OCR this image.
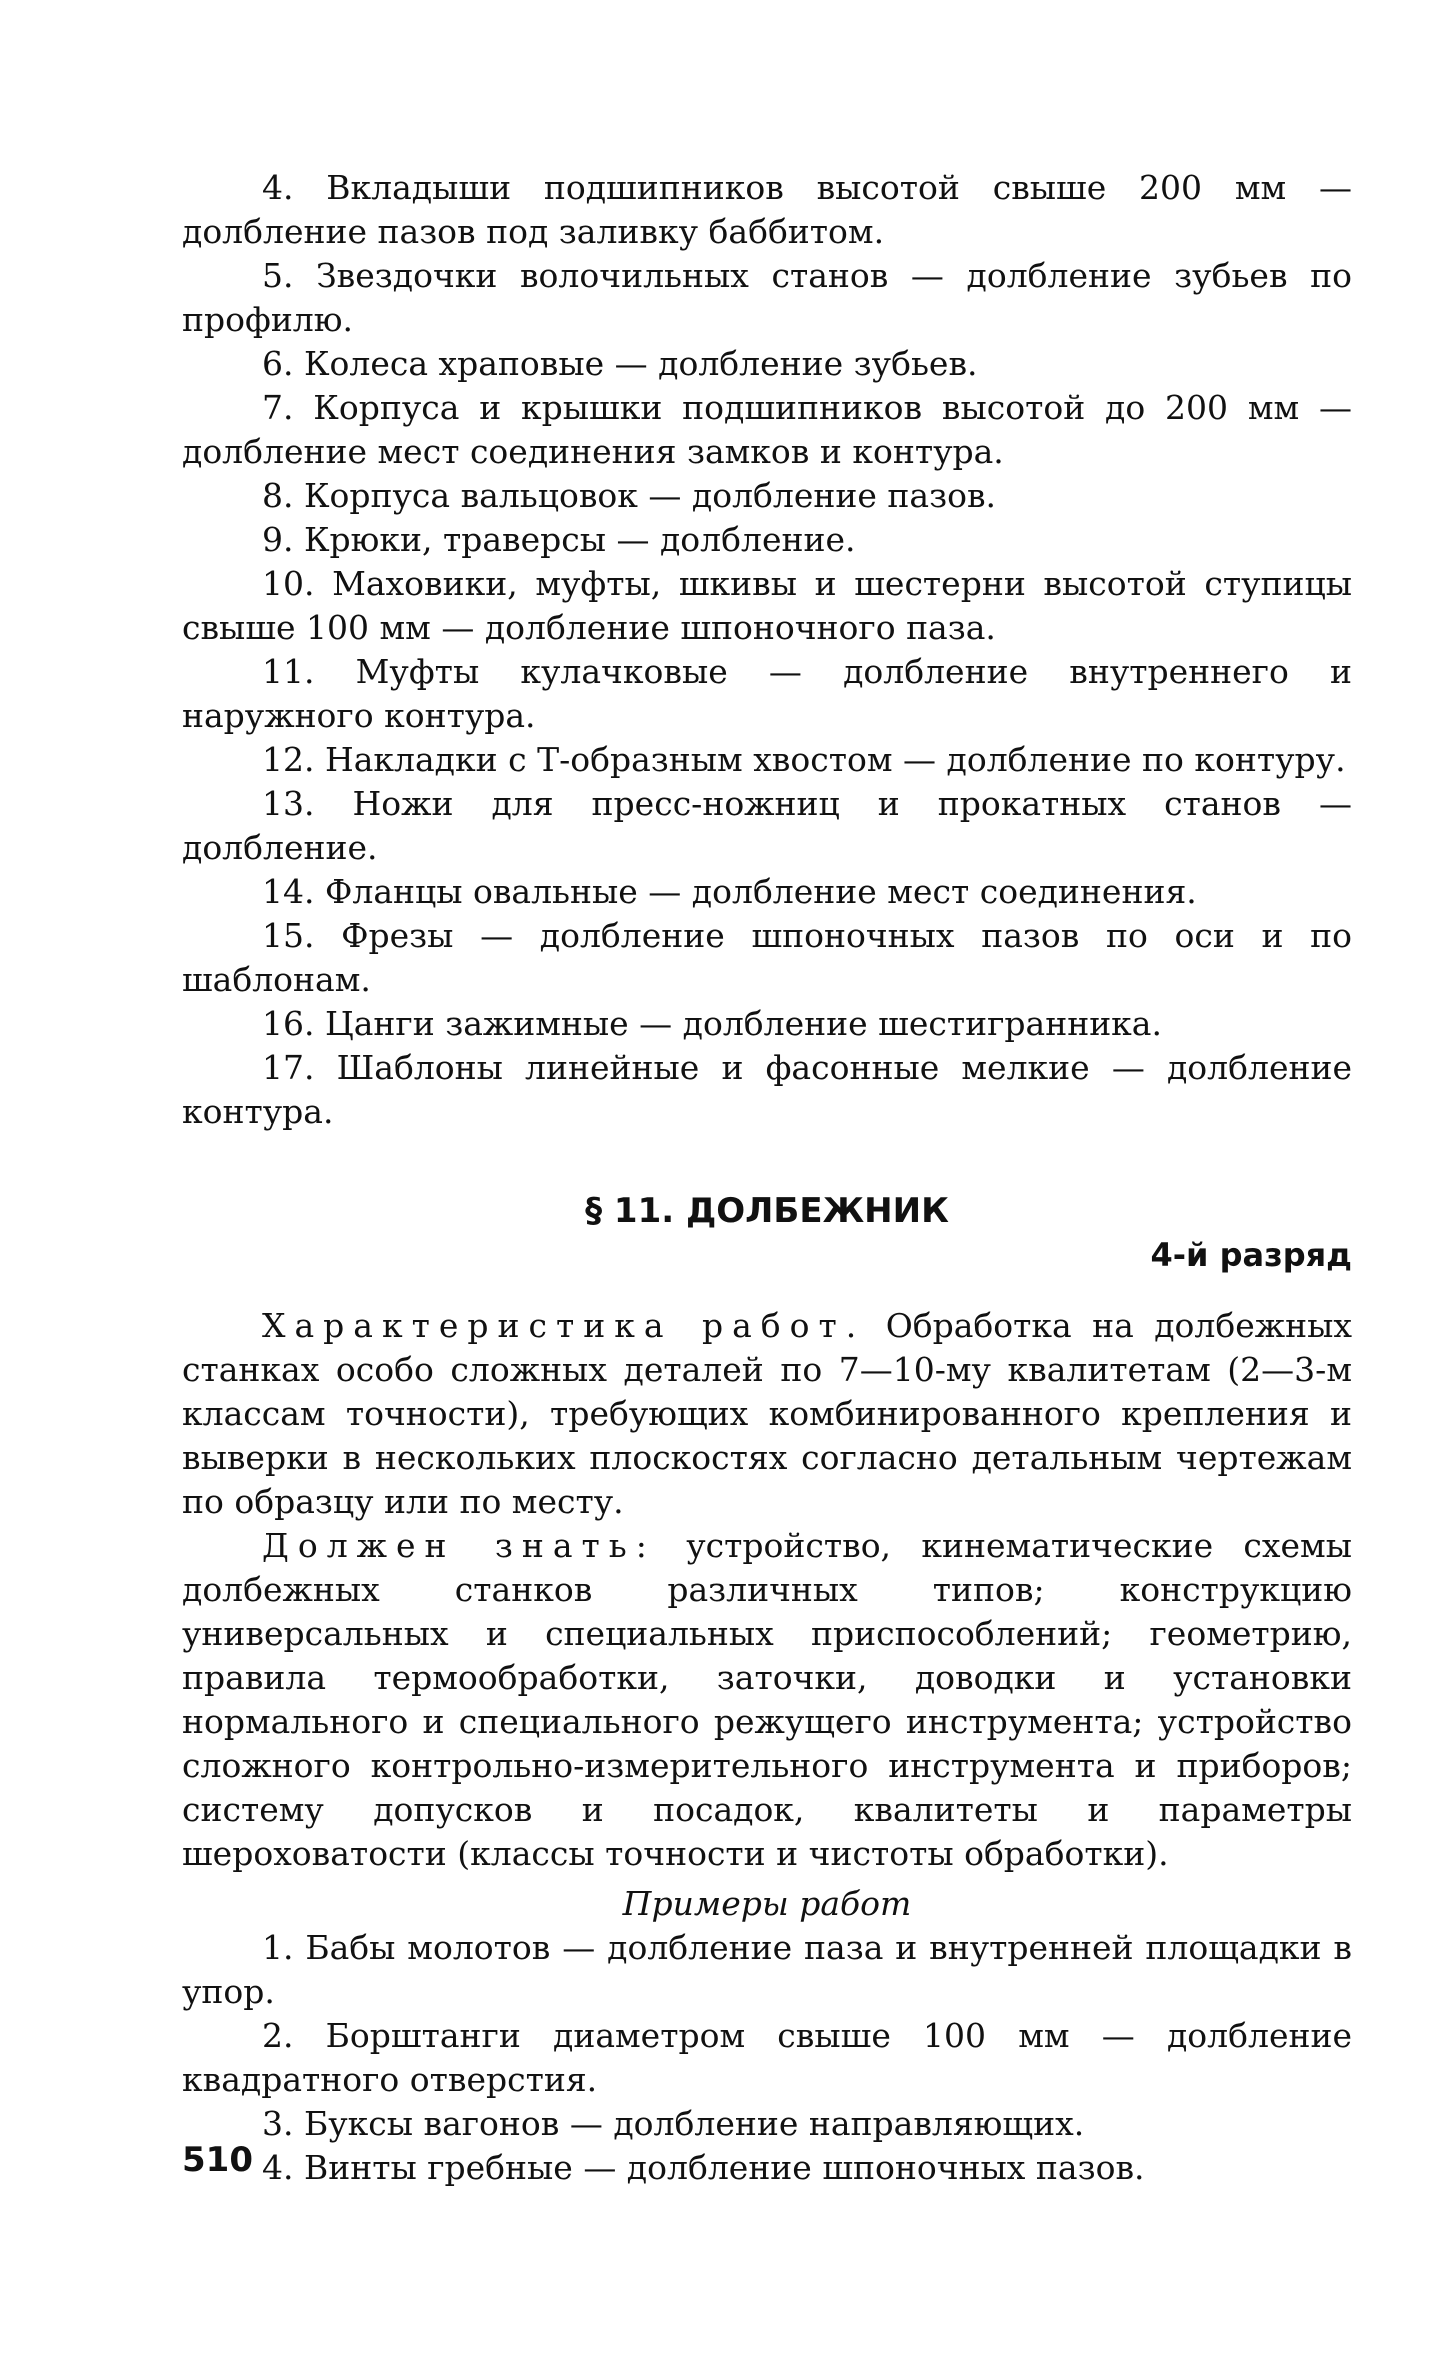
4. Вкладыши подшипников высотой свыше 200 мм — долбление пазов под заливку баббитом.

5. Звездочки волочильных станов — долбление зубьев по профилю.

6. Колеса храповые — долбление зубьев.

7. Корпуса и крышки подшипников высотой до 200 мм — долбление мест соединения замков и контура.

8. Корпуса вальцовок — долбление пазов.

9. Крюки, траверсы — долбление.

10. Маховики, муфты, шкивы и шестерни высотой ступицы свыше 100 мм — долбление шпоночного паза.

11. Муфты кулачковые — долбление внутреннего и наружного контура.

12. Накладки с Т-образным хвостом — долбление по контуру.

13. Ножи для пресс-ножниц и прокатных станов — долбление.

14. Фланцы овальные — долбление мест соединения.

15. Фрезы — долбление шпоночных пазов по оси и по шаблонам.

16. Цанги зажимные — долбление шестигранника.

17. Шаблоны линейные и фасонные мелкие — долбление контура.

§ 11. ДОЛБЕЖНИК
4-й разряд

Характеристика работ. Обработка на долбежных станках особо сложных деталей по 7—10-му квалитетам (2—3-м классам точности), требующих комбинированного крепления и выверки в нескольких плоскостях согласно детальным чертежам по образцу или по месту.

Должен знать: устройство, кинематические схемы долбежных станков различных типов; конструкцию универсальных и специальных приспособлений; геометрию, правила термообработки, заточки, доводки и установки нормального и специального режущего инструмента; устройство сложного контрольно-измерительного инструмента и приборов; систему допусков и посадок, квалитеты и параметры шероховатости (классы точности и чистоты обработки).

Примеры работ

1. Бабы молотов — долбление паза и внутренней площадки в упор.

2. Борштанги диаметром свыше 100 мм — долбление квадратного отверстия.

3. Буксы вагонов — долбление направляющих.

4. Винты гребные — долбление шпоночных пазов.

510
